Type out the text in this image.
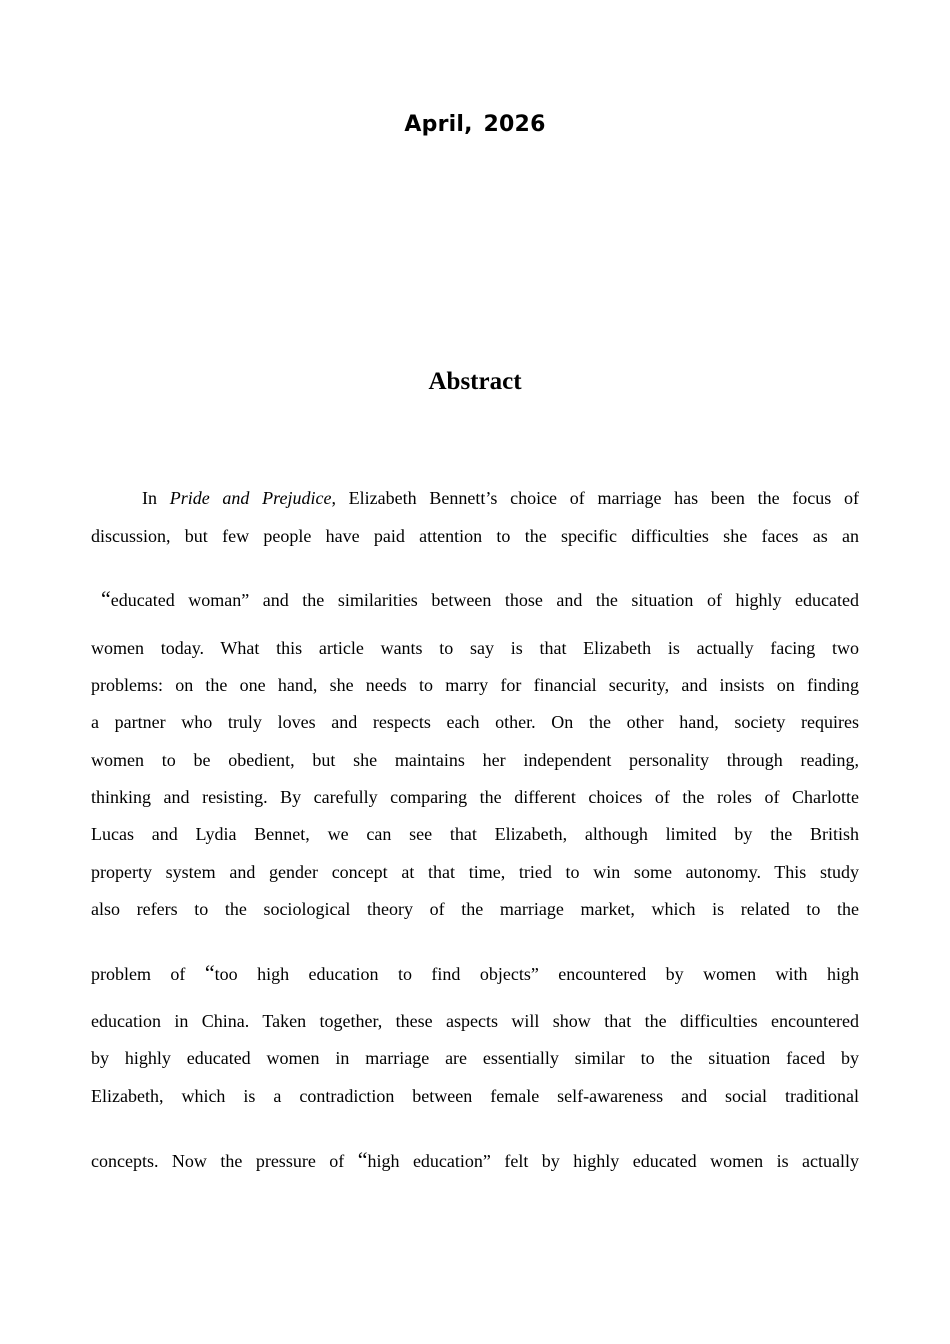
April, 2026
Abstract
In Pride and Prejudice, Elizabeth Bennett’s choice of marriage has been the focus of
discussion, but few people have paid attention to the specific difficulties she faces as an
“educated woman” and the similarities between those and the situation of highly educated
women today. What this article wants to say is that Elizabeth is actually facing two
problems: on the one hand, she needs to marry for financial security, and insists on finding
a partner who truly loves and respects each other. On the other hand, society requires
women to be obedient, but she maintains her independent personality through reading,
thinking and resisting. By carefully comparing the different choices of the roles of Charlotte
Lucas and Lydia Bennet, we can see that Elizabeth, although limited by the British
property system and gender concept at that time, tried to win some autonomy. This study
also refers to the sociological theory of the marriage market, which is related to the
problem of “too high education to find objects” encountered by women with high
education in China. Taken together, these aspects will show that the difficulties encountered
by highly educated women in marriage are essentially similar to the situation faced by
Elizabeth, which is a contradiction between female self-awareness and social traditional
concepts. Now the pressure of “high education” felt by highly educated women is actually
